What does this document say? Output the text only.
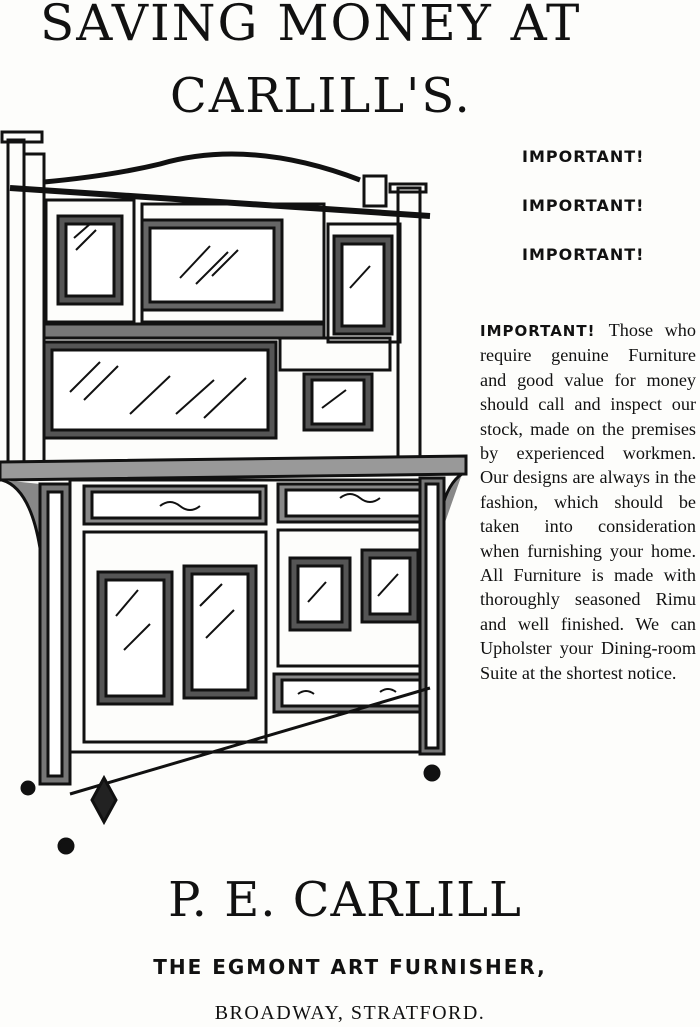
SAVING MONEY AT
CARLILL'S.
IMPORTANT!
IMPORTANT!
IMPORTANT!
IMPORTANT! Those who require genuine Furniture and good value for money should call and inspect our stock, made on the premises by experienced workmen. Our designs are always in the fashion, which should be taken into consideration when furnishing your home. All Furniture is made with thoroughly seasoned Rimu and well finished. We can Upholster your Dining-room Suite at the shortest notice.
P. E. CARLILL
THE EGMONT ART FURNISHER,
BROADWAY, STRATFORD.
